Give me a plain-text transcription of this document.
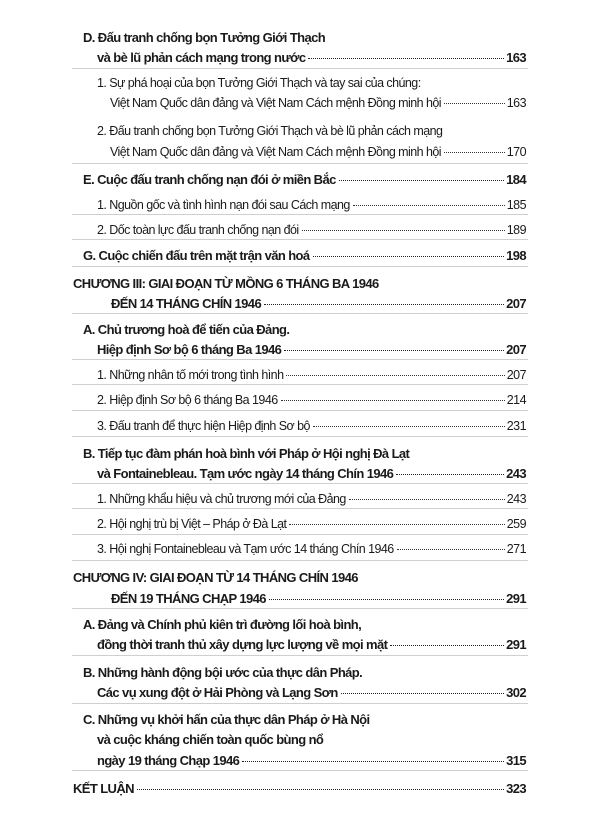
D. Đấu tranh chống bọn Tưởng Giới Thạch
và bè lũ phản cách mạng trong nước	163
1. Sự phá hoại của bọn Tưởng Giới Thạch và tay sai của chúng:
Việt Nam Quốc dân đảng và Việt Nam Cách mệnh Đồng minh hội	163
2. Đấu tranh chống bọn Tưởng Giới Thạch và bè lũ phản cách mạng
Việt Nam Quốc dân đảng và Việt Nam Cách mệnh Đồng minh hội	170
E. Cuộc đấu tranh chống nạn đói ở miền Bắc	184
1. Nguồn gốc và tình hình nạn đói sau Cách mạng	185
2. Dốc toàn lực đấu tranh chống nạn đói	189
G. Cuộc chiến đấu trên mặt trận văn hoá	198
CHƯƠNG III: GIAI ĐOẠN TỪ MỒNG 6 THÁNG BA 1946
ĐẾN 14 THÁNG CHÍN 1946	207
A. Chủ trương hoà để tiến của Đảng.
Hiệp định Sơ bộ 6 tháng Ba 1946	207
1. Những nhân tố mới trong tình hình	207
2. Hiệp định Sơ bộ 6 tháng Ba 1946	214
3. Đấu tranh để thực hiện Hiệp định Sơ bộ	231
B. Tiếp tục đàm phán hoà bình với Pháp ở Hội nghị Đà Lạt
và Fontainebleau. Tạm ước ngày 14 tháng Chín 1946	243
1. Những khẩu hiệu và chủ trương mới của Đảng	243
2. Hội nghị trù bị Việt – Pháp ở Đà Lạt	259
3. Hội nghị Fontainebleau và Tạm ước 14 tháng Chín 1946	271
CHƯƠNG IV: GIAI ĐOẠN TỪ 14 THÁNG CHÍN 1946
ĐẾN 19 THÁNG CHẠP 1946	291
A. Đảng và Chính phủ kiên trì đường lối hoà bình,
đồng thời tranh thủ xây dựng lực lượng về mọi mặt	291
B. Những hành động bội ước của thực dân Pháp.
Các vụ xung đột ở Hải Phòng và Lạng Sơn	302
C. Những vụ khởi hấn của thực dân Pháp ở Hà Nội
và cuộc kháng chiến toàn quốc bùng nổ
ngày 19 tháng Chạp 1946	315
KẾT LUẬN	323
